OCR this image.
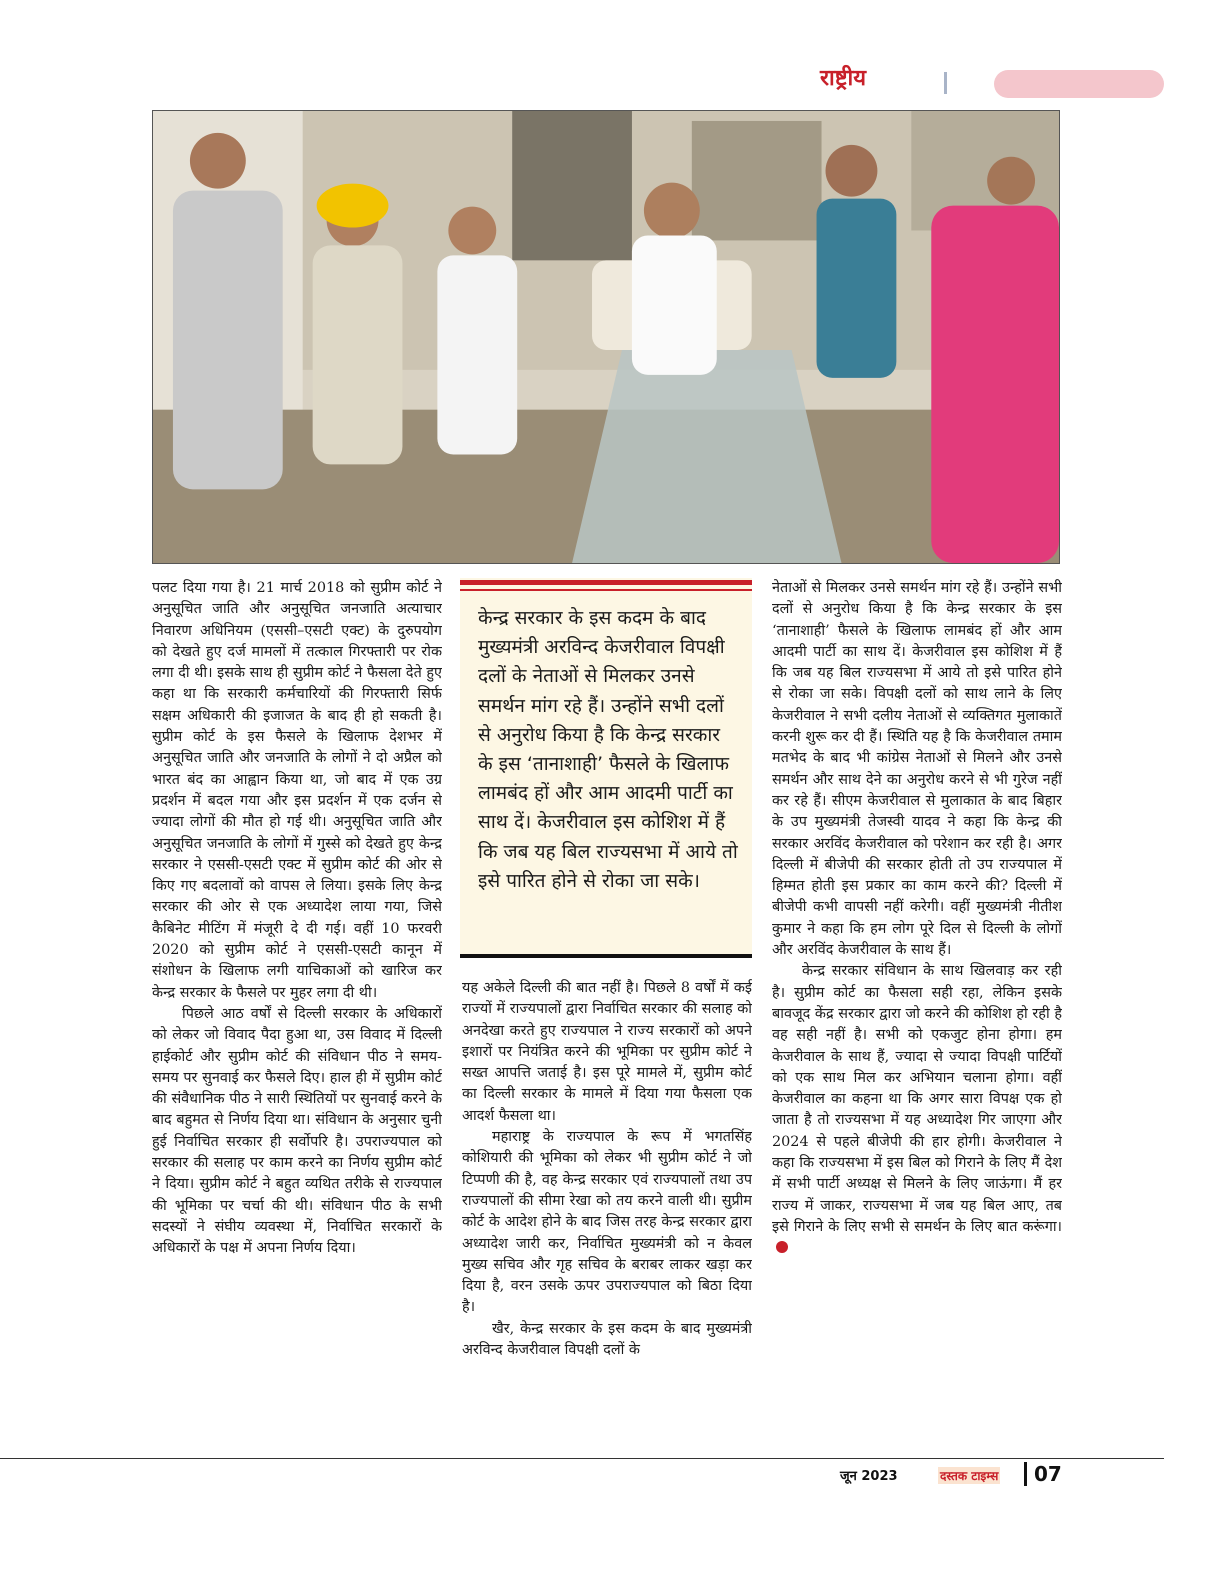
राष्ट्रीय

पलट दिया गया है। 21 मार्च 2018 को सुप्रीम कोर्ट ने अनुसूचित जाति और अनुसूचित जनजाति अत्याचार निवारण अधिनियम (एससी–एसटी एक्ट) के दुरुपयोग को देखते हुए दर्ज मामलों में तत्काल गिरफ्तारी पर रोक लगा दी थी। इसके साथ ही सुप्रीम कोर्ट ने फैसला देते हुए कहा था कि सरकारी कर्मचारियों की गिरफ्तारी सिर्फ सक्षम अधिकारी की इजाजत के बाद ही हो सकती है। सुप्रीम कोर्ट के इस फैसले के खिलाफ देशभर में अनुसूचित जाति और जनजाति के लोगों ने दो अप्रैल को भारत बंद का आह्वान किया था, जो बाद में एक उग्र प्रदर्शन में बदल गया और इस प्रदर्शन में एक दर्जन से ज्यादा लोगों की मौत हो गई थी। अनुसूचित जाति और अनुसूचित जनजाति के लोगों में गुस्से को देखते हुए केन्द्र सरकार ने एससी-एसटी एक्ट में सुप्रीम कोर्ट की ओर से किए गए बदलावों को वापस ले लिया। इसके लिए केन्द्र सरकार की ओर से एक अध्यादेश लाया गया, जिसे कैबिनेट मीटिंग में मंजूरी दे दी गई। वहीं 10 फरवरी 2020 को सुप्रीम कोर्ट ने एससी-एसटी कानून में संशोधन के खिलाफ लगी याचिकाओं को खारिज कर केन्द्र सरकार के फैसले पर मुहर लगा दी थी।

पिछले आठ वर्षों से दिल्ली सरकार के अधिकारों को लेकर जो विवाद पैदा हुआ था, उस विवाद में दिल्ली हाईकोर्ट और सुप्रीम कोर्ट की संविधान पीठ ने समय-समय पर सुनवाई कर फैसले दिए। हाल ही में सुप्रीम कोर्ट की संवैधानिक पीठ ने सारी स्थितियों पर सुनवाई करने के बाद बहुमत से निर्णय दिया था। संविधान के अनुसार चुनी हुई निर्वाचित सरकार ही सर्वोपरि है। उपराज्यपाल को सरकार की सलाह पर काम करने का निर्णय सुप्रीम कोर्ट ने दिया। सुप्रीम कोर्ट ने बहुत व्यथित तरीके से राज्यपाल की भूमिका पर चर्चा की थी। संविधान पीठ के सभी सदस्यों ने संघीय व्यवस्था में, निर्वाचित सरकारों के अधिकारों के पक्ष में अपना निर्णय दिया।

केन्द्र सरकार के इस कदम के बाद मुख्यमंत्री अरविन्द केजरीवाल विपक्षी दलों के नेताओं से मिलकर उनसे समर्थन मांग रहे हैं। उन्होंने सभी दलों से अनुरोध किया है कि केन्द्र सरकार के इस ‘तानाशाही’ फैसले के खिलाफ लामबंद हों और आम आदमी पार्टी का साथ दें। केजरीवाल इस कोशिश में हैं कि जब यह बिल राज्यसभा में आये तो इसे पारित होने से रोका जा सके।

यह अकेले दिल्ली की बात नहीं है। पिछले 8 वर्षों में कई राज्यों में राज्यपालों द्वारा निर्वाचित सरकार की सलाह को अनदेखा करते हुए राज्यपाल ने राज्य सरकारों को अपने इशारों पर नियंत्रित करने की भूमिका पर सुप्रीम कोर्ट ने सख्त आपत्ति जताई है। इस पूरे मामले में, सुप्रीम कोर्ट का दिल्ली सरकार के मामले में दिया गया फैसला एक आदर्श फैसला था।

महाराष्ट्र के राज्यपाल के रूप में भगतसिंह कोशियारी की भूमिका को लेकर भी सुप्रीम कोर्ट ने जो टिप्पणी की है, वह केन्द्र सरकार एवं राज्यपालों तथा उप राज्यपालों की सीमा रेखा को तय करने वाली थी। सुप्रीम कोर्ट के आदेश होने के बाद जिस तरह केन्द्र सरकार द्वारा अध्यादेश जारी कर, निर्वाचित मुख्यमंत्री को न केवल मुख्य सचिव और गृह सचिव के बराबर लाकर खड़ा कर दिया है, वरन उसके ऊपर उपराज्यपाल को बिठा दिया है।

खैर, केन्द्र सरकार के इस कदम के बाद मुख्यमंत्री अरविन्द केजरीवाल विपक्षी दलों के

नेताओं से मिलकर उनसे समर्थन मांग रहे हैं। उन्होंने सभी दलों से अनुरोध किया है कि केन्द्र सरकार के इस ‘तानाशाही’ फैसले के खिलाफ लामबंद हों और आम आदमी पार्टी का साथ दें। केजरीवाल इस कोशिश में हैं कि जब यह बिल राज्यसभा में आये तो इसे पारित होने से रोका जा सके। विपक्षी दलों को साथ लाने के लिए केजरीवाल ने सभी दलीय नेताओं से व्यक्तिगत मुलाकातें करनी शुरू कर दी हैं। स्थिति यह है कि केजरीवाल तमाम मतभेद के बाद भी कांग्रेस नेताओं से मिलने और उनसे समर्थन और साथ देने का अनुरोध करने से भी गुरेज नहीं कर रहे हैं। सीएम केजरीवाल से मुलाकात के बाद बिहार के उप मुख्यमंत्री तेजस्वी यादव ने कहा कि केन्द्र की सरकार अरविंद केजरीवाल को परेशान कर रही है। अगर दिल्ली में बीजेपी की सरकार होती तो उप राज्यपाल में हिम्मत होती इस प्रकार का काम करने की? दिल्ली में बीजेपी कभी वापसी नहीं करेगी। वहीं मुख्यमंत्री नीतीश कुमार ने कहा कि हम लोग पूरे दिल से दिल्ली के लोगों और अरविंद केजरीवाल के साथ हैं।

केन्द्र सरकार संविधान के साथ खिलवाड़ कर रही है। सुप्रीम कोर्ट का फैसला सही रहा, लेकिन इसके बावजूद केंद्र सरकार द्वारा जो करने की कोशिश हो रही है वह सही नहीं है। सभी को एकजुट होना होगा। हम केजरीवाल के साथ हैं, ज्यादा से ज्यादा विपक्षी पार्टियों को एक साथ मिल कर अभियान चलाना होगा। वहीं केजरीवाल का कहना था कि अगर सारा विपक्ष एक हो जाता है तो राज्यसभा में यह अध्यादेश गिर जाएगा और 2024 से पहले बीजेपी की हार होगी। केजरीवाल ने कहा कि राज्यसभा में इस बिल को गिराने के लिए मैं देश में सभी पार्टी अध्यक्ष से मिलने के लिए जाऊंगा। मैं हर राज्य में जाकर, राज्यसभा में जब यह बिल आए, तब इसे गिराने के लिए सभी से समर्थन के लिए बात करूंगा।

जून 2023	दस्तक टाइम्स 07
